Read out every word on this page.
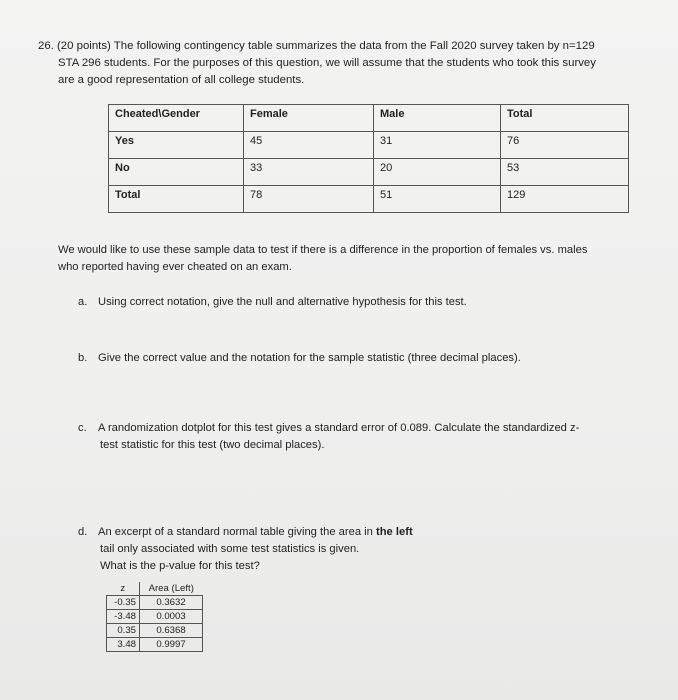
26. (20 points) The following contingency table summarizes the data from the Fall 2020 survey taken by n=129
STA 296 students. For the purposes of this question, we will assume that the students who took this survey
are a good representation of all college students.
Cheated\Gender	Female	Male	Total
Yes	45	31	76
No	33	20	53
Total	78	51	129
We would like to use these sample data to test if there is a difference in the proportion of females vs. males
who reported having ever cheated on an exam.
a. Using correct notation, give the null and alternative hypothesis for this test.
b. Give the correct value and the notation for the sample statistic (three decimal places).
c. A randomization dotplot for this test gives a standard error of 0.089. Calculate the standardized z-
test statistic for this test (two decimal places).
d. An excerpt of a standard normal table giving the area in the left
tail only associated with some test statistics is given.
What is the p-value for this test?
z	Area (Left)
-0.35	0.3632
-3.48	0.0003
0.35	0.6368
3.48	0.9997
